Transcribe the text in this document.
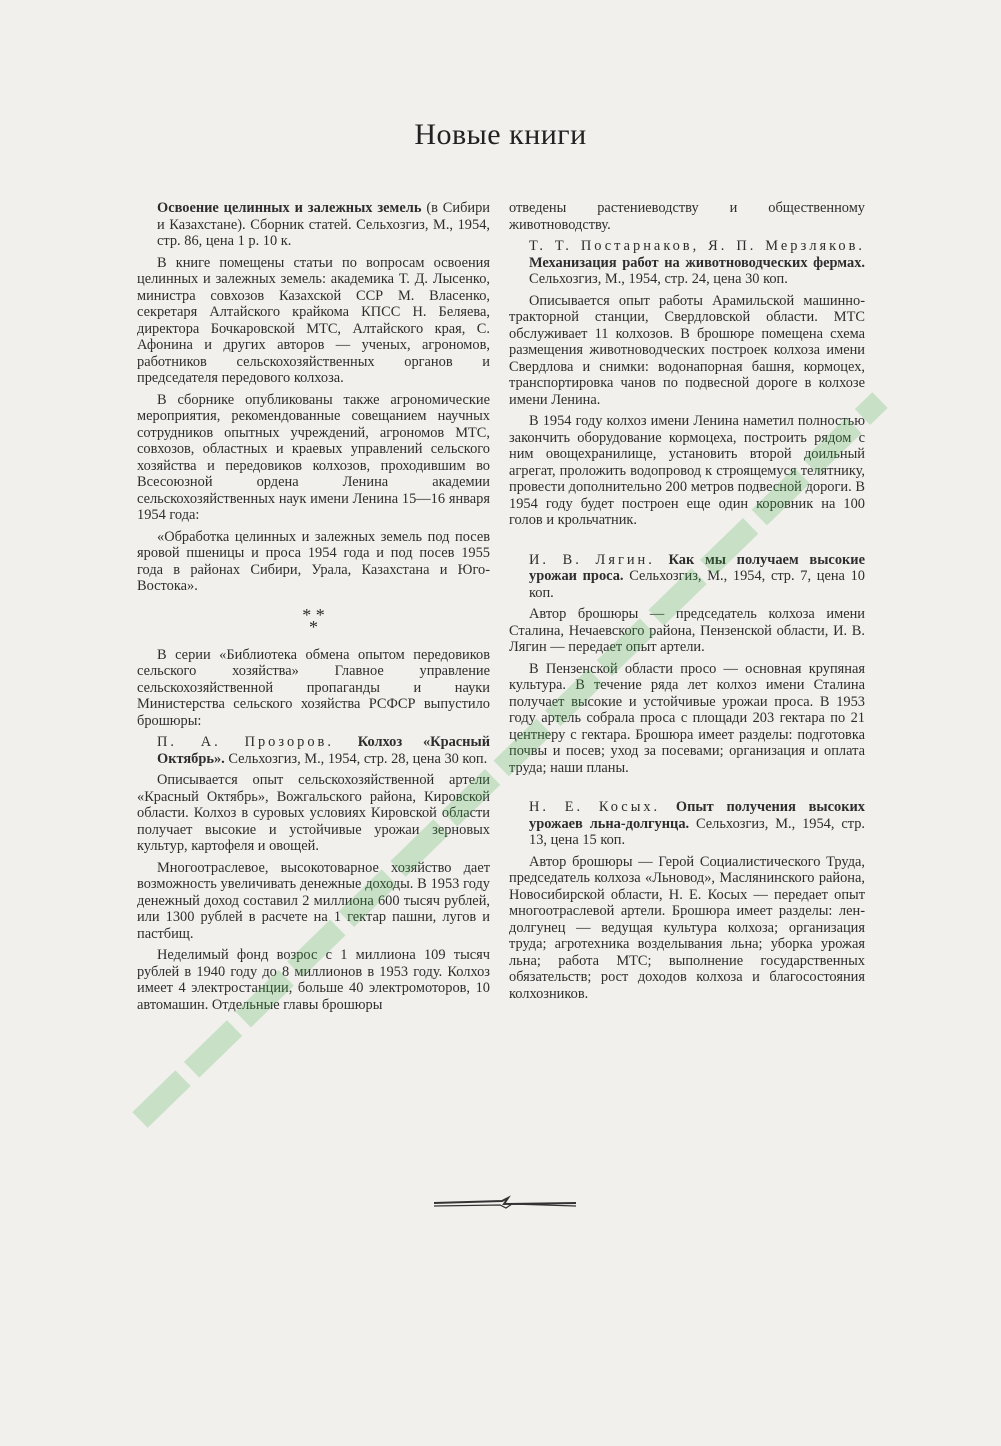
Новые книги

Освоение целинных и залежных земель (в Сибири и Казахстане). Сборник статей. Сельхозгиз, М., 1954, стр. 86, цена 1 р. 10 к.

В книге помещены статьи по вопросам освоения целинных и залежных земель: академика Т. Д. Лысенко, министра совхозов Казахской ССР М. Власенко, секретаря Алтайского крайкома КПСС Н. Беляева, директора Бочкаровской МТС, Алтайского края, С. Афонина и других авторов — ученых, агрономов, работников сельскохозяйственных органов и председателя передового колхоза.

В сборнике опубликованы также агрономические мероприятия, рекомендованные совещанием научных сотрудников опытных учреждений, агрономов МТС, совхозов, областных и краевых управлений сельского хозяйства и передовиков колхозов, проходившим во Всесоюзной ордена Ленина академии сельскохозяйственных наук имени Ленина 15—16 января 1954 года:

«Обработка целинных и залежных земель под посев яровой пшеницы и проса 1954 года и под посев 1955 года в районах Сибири, Урала, Казахстана и Юго-Востока».

* *
*

В серии «Библиотека обмена опытом передовиков сельского хозяйства» Главное управление сельскохозяйственной пропаганды и науки Министерства сельского хозяйства РСФСР выпустило брошюры:

П. А. Прозоров. Колхоз «Красный Октябрь». Сельхозгиз, М., 1954, стр. 28, цена 30 коп.

Описывается опыт сельскохозяйственной артели «Красный Октябрь», Вожгальского района, Кировской области. Колхоз в суровых условиях Кировской области получает высокие и устойчивые урожаи зерновых культур, картофеля и овощей.

Многоотраслевое, высокотоварное хозяйство дает возможность увеличивать денежные доходы. В 1953 году денежный доход составил 2 миллиона 600 тысяч рублей, или 1300 рублей в расчете на 1 гектар пашни, лугов и пастбищ.

Неделимый фонд возрос с 1 миллиона 109 тысяч рублей в 1940 году до 8 миллионов в 1953 году. Колхоз имеет 4 электростанции, больше 40 электромоторов, 10 автомашин. Отдельные главы брошюры

отведены растениеводству и общественному животноводству.

Т. Т. Постарнаков, Я. П. Мерзляков. Механизация работ на животноводческих фермах. Сельхозгиз, М., 1954, стр. 24, цена 30 коп.

Описывается опыт работы Арамильской машинно-тракторной станции, Свердловской области. МТС обслуживает 11 колхозов. В брошюре помещена схема размещения животноводческих построек колхоза имени Свердлова и снимки: водонапорная башня, кормоцех, транспортировка чанов по подвесной дороге в колхозе имени Ленина.

В 1954 году колхоз имени Ленина наметил полностью закончить оборудование кормоцеха, построить рядом с ним овощехранилище, установить второй доильный агрегат, проложить водопровод к строящемуся телятнику, провести дополнительно 200 метров подвесной дороги. В 1954 году будет построен еще один коровник на 100 голов и крольчатник.

И. В. Лягин. Как мы получаем высокие урожаи проса. Сельхозгиз, М., 1954, стр. 7, цена 10 коп.

Автор брошюры — председатель колхоза имени Сталина, Нечаевского района, Пензенской области, И. В. Лягин — передает опыт артели.

В Пензенской области просо — основная крупяная культура. В течение ряда лет колхоз имени Сталина получает высокие и устойчивые урожаи проса. В 1953 году артель собрала проса с площади 203 гектара по 21 центнеру с гектара. Брошюра имеет разделы: подготовка почвы и посев; уход за посевами; организация и оплата труда; наши планы.

Н. Е. Косых. Опыт получения высоких урожаев льна-долгунца. Сельхозгиз, М., 1954, стр. 13, цена 15 коп.

Автор брошюры — Герой Социалистического Труда, председатель колхоза «Льновод», Маслянинского района, Новосибирской области, Н. Е. Косых — передает опыт многоотраслевой артели. Брошюра имеет разделы: лен-долгунец — ведущая культура колхоза; организация труда; агротехника возделывания льна; уборка урожая льна; работа МТС; выполнение государственных обязательств; рост доходов колхоза и благосостояния колхозников.
